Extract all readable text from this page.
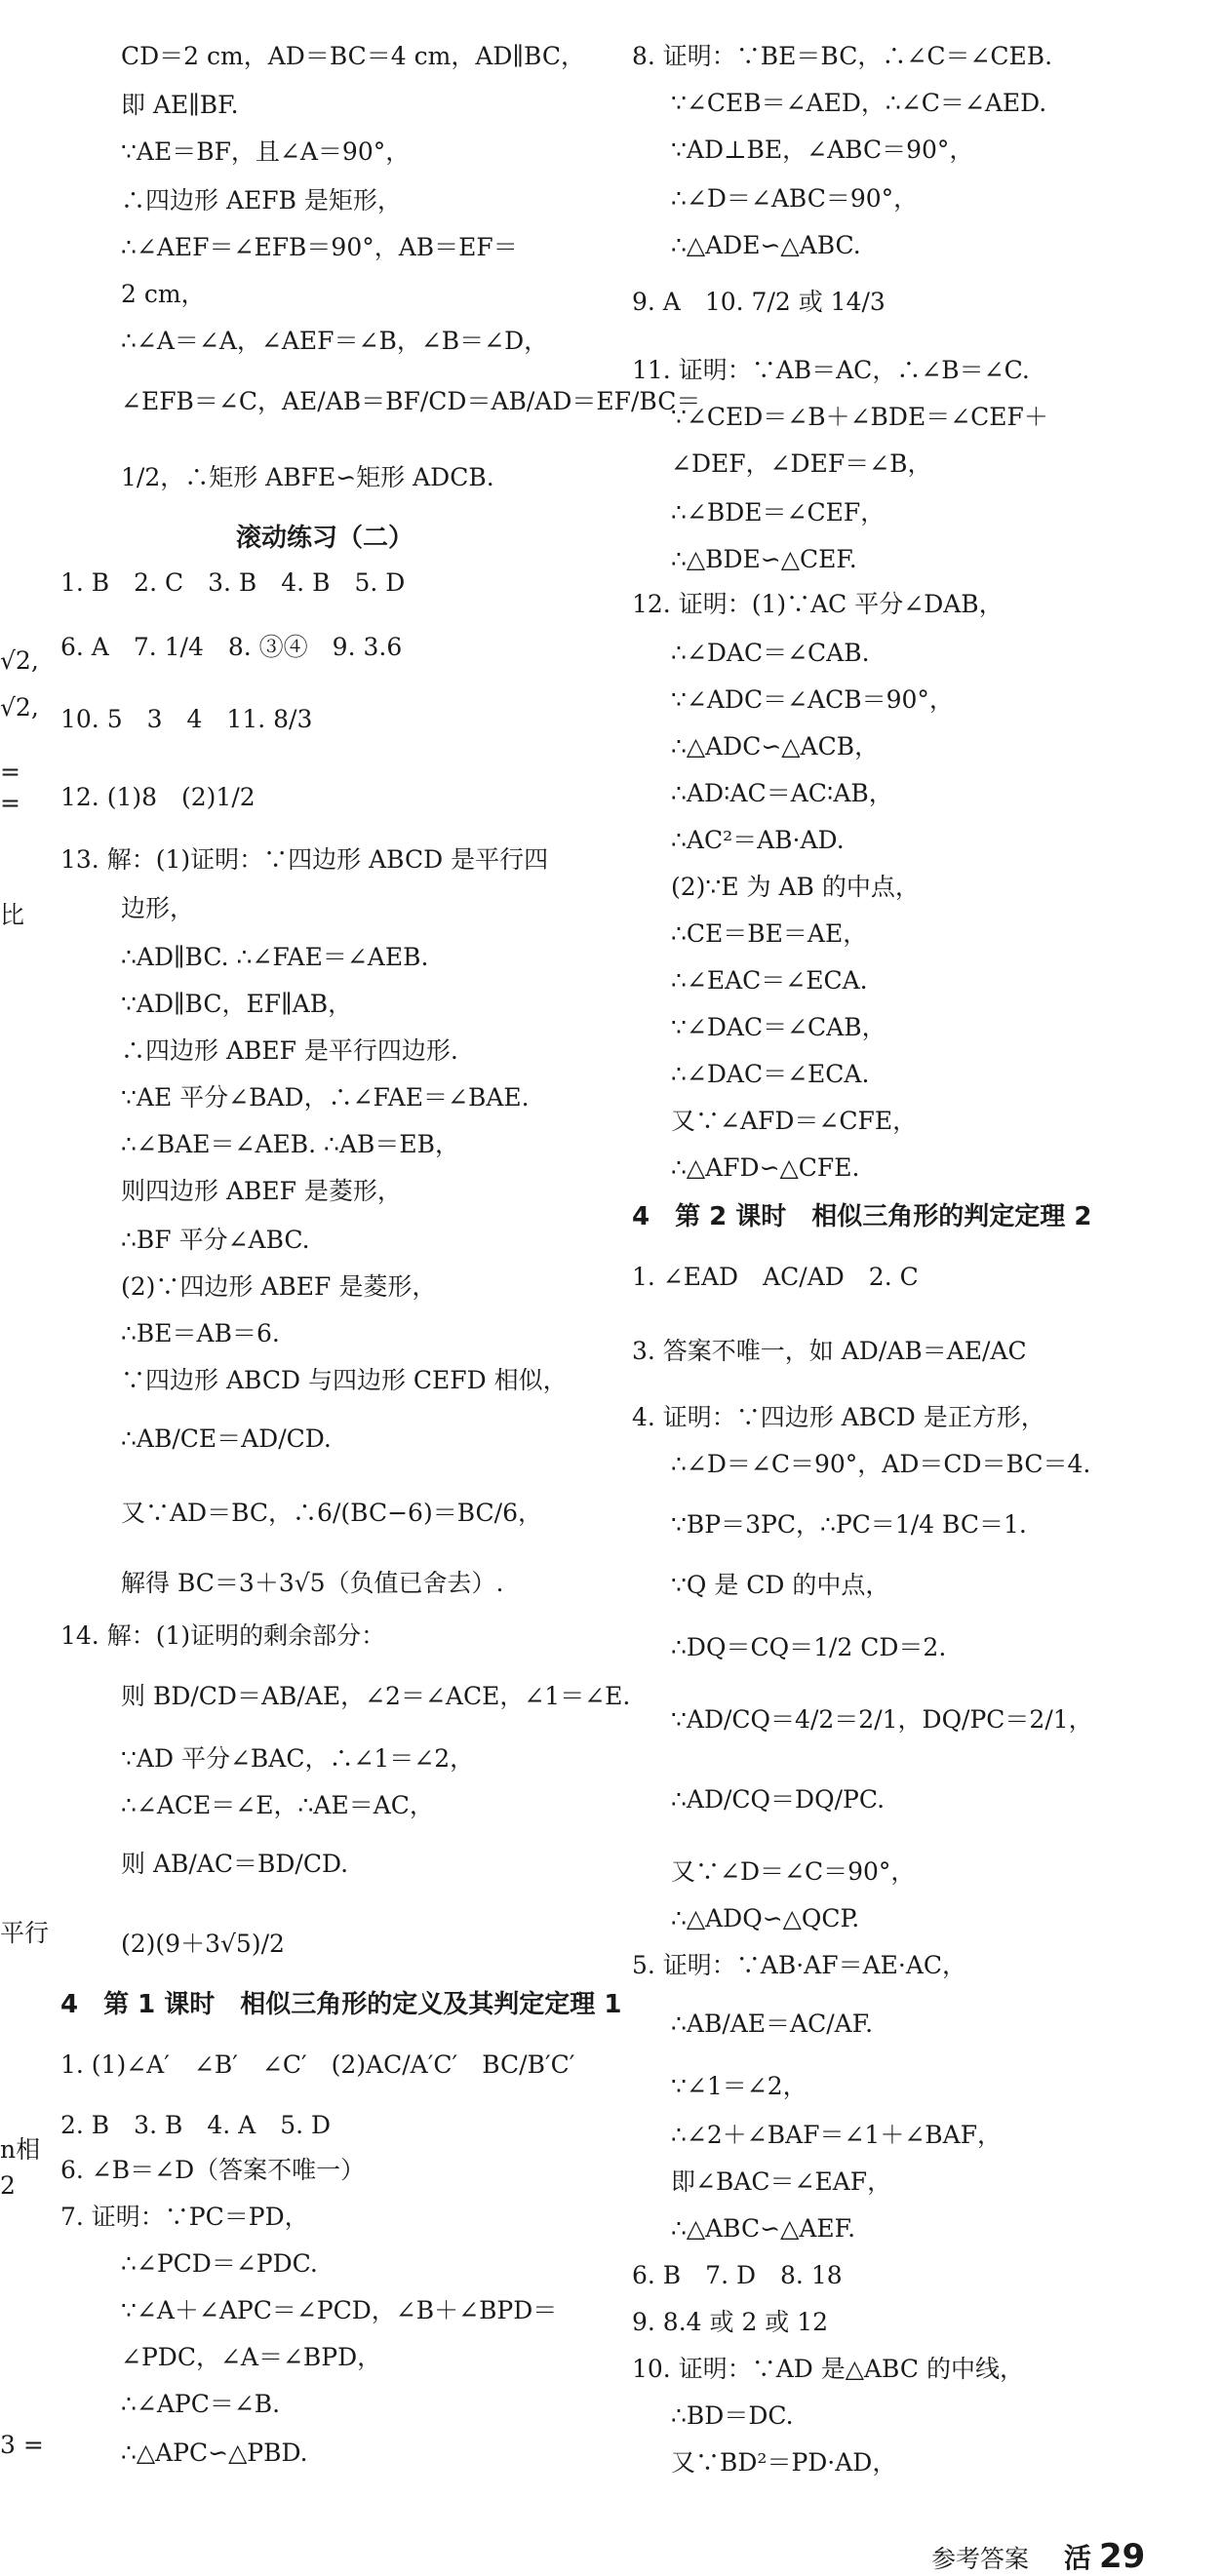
√2,
√2,
=
=
比
平行
n相
2
3 =
CD＝2 cm，AD＝BC＝4 cm，AD∥BC，
即 AE∥BF.
∵AE＝BF，且∠A＝90°，
∴四边形 AEFB 是矩形，
∴∠AEF＝∠EFB＝90°，AB＝EF＝
2 cm，
∴∠A＝∠A，∠AEF＝∠B，∠B＝∠D，
∠EFB＝∠C，AE/AB＝BF/CD＝AB/AD＝EF/BC＝
1/2，∴矩形 ABFE∽矩形 ADCB.
滚动练习（二）
1. B　2. C　3. B　4. B　5. D
6. A　7. 1/4　8. ③④　9. 3.6
10. 5　3　4　11. 8/3
12. (1)8　(2)1/2
13. 解：(1)证明：∵四边形 ABCD 是平行四
边形，
∴AD∥BC. ∴∠FAE＝∠AEB.
∵AD∥BC，EF∥AB，
∴四边形 ABEF 是平行四边形.
∵AE 平分∠BAD，∴∠FAE＝∠BAE.
∴∠BAE＝∠AEB. ∴AB＝EB，
则四边形 ABEF 是菱形，
∴BF 平分∠ABC.
(2)∵四边形 ABEF 是菱形，
∴BE＝AB＝6.
∵四边形 ABCD 与四边形 CEFD 相似，
∴AB/CE＝AD/CD.
又∵AD＝BC，∴6/(BC−6)＝BC/6，
解得 BC＝3＋3√5（负值已舍去）.
14. 解：(1)证明的剩余部分：
则 BD/CD＝AB/AE，∠2＝∠ACE，∠1＝∠E.
∵AD 平分∠BAC，∴∠1＝∠2，
∴∠ACE＝∠E，∴AE＝AC，
则 AB/AC＝BD/CD.
(2)(9＋3√5)/2
4　第 1 课时　相似三角形的定义及其判定定理 1
1. (1)∠A′　∠B′　∠C′　(2)AC/A′C′　BC/B′C′
2. B　3. B　4. A　5. D
6. ∠B＝∠D（答案不唯一）
7. 证明：∵PC＝PD，
∴∠PCD＝∠PDC.
∵∠A＋∠APC＝∠PCD，∠B＋∠BPD＝
∠PDC，∠A＝∠BPD，
∴∠APC＝∠B.
∴△APC∽△PBD.
8. 证明：∵BE＝BC，∴∠C＝∠CEB.
∵∠CEB＝∠AED，∴∠C＝∠AED.
∵AD⊥BE，∠ABC＝90°，
∴∠D＝∠ABC＝90°，
∴△ADE∽△ABC.
9. A　10. 7/2 或 14/3
11. 证明：∵AB＝AC，∴∠B＝∠C.
∵∠CED＝∠B＋∠BDE＝∠CEF＋
∠DEF，∠DEF＝∠B，
∴∠BDE＝∠CEF，
∴△BDE∽△CEF.
12. 证明：(1)∵AC 平分∠DAB，
∴∠DAC＝∠CAB.
∵∠ADC＝∠ACB＝90°，
∴△ADC∽△ACB，
∴AD∶AC＝AC∶AB，
∴AC²＝AB·AD.
(2)∵E 为 AB 的中点，
∴CE＝BE＝AE，
∴∠EAC＝∠ECA.
∵∠DAC＝∠CAB，
∴∠DAC＝∠ECA.
又∵∠AFD＝∠CFE，
∴△AFD∽△CFE.
4　第 2 课时　相似三角形的判定定理 2
1. ∠EAD　AC/AD　2. C
3. 答案不唯一，如 AD/AB＝AE/AC
4. 证明：∵四边形 ABCD 是正方形，
∴∠D＝∠C＝90°，AD＝CD＝BC＝4.
∵BP＝3PC，∴PC＝1/4 BC＝1.
∵Q 是 CD 的中点，
∴DQ＝CQ＝1/2 CD＝2.
∵AD/CQ＝4/2＝2/1，DQ/PC＝2/1，
∴AD/CQ＝DQ/PC.
又∵∠D＝∠C＝90°，
∴△ADQ∽△QCP.
5. 证明：∵AB·AF＝AE·AC，
∴AB/AE＝AC/AF.
∵∠1＝∠2，
∴∠2＋∠BAF＝∠1＋∠BAF，
即∠BAC＝∠EAF，
∴△ABC∽△AEF.
6. B　7. D　8. 18
9. 8.4 或 2 或 12
10. 证明：∵AD 是△ABC 的中线，
∴BD＝DC.
又∵BD²＝PD·AD，
参考答案 活 29
